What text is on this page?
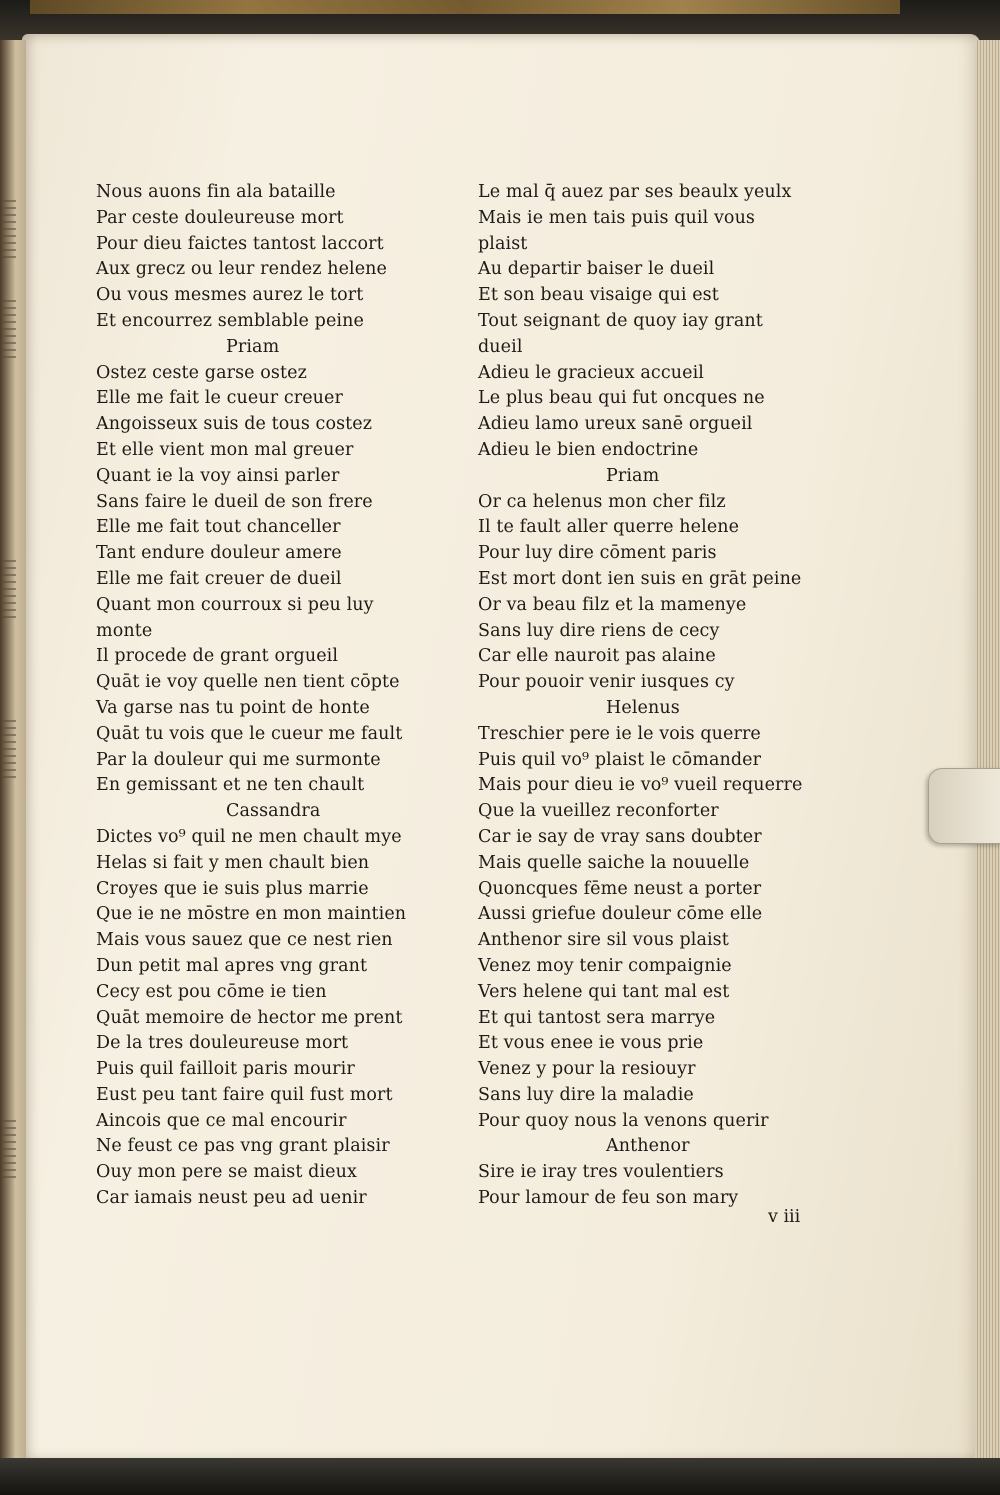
Nous auons fin ala bataille
Par ceste douleureuse mort
Pour dieu faictes tantost laccort
Aux grecz ou leur rendez helene
Ou vous mesmes aurez le tort
Et encourrez semblable peine
Priam
Ostez ceste garse ostez
Elle me fait le cueur creuer
Angoisseux suis de tous costez
Et elle vient mon mal greuer
Quant ie la voy ainsi parler
Sans faire le dueil de son frere
Elle me fait tout chanceller
Tant endure douleur amere
Elle me fait creuer de dueil
Quant mon courroux si peu luy
monte
Il procede de grant orgueil
Quāt ie voy quelle nen tient cōpte
Va garse nas tu point de honte
Quāt tu vois que le cueur me fault
Par la douleur qui me surmonte
En gemissant et ne ten chault
Cassandra
Dictes vo⁹ quil ne men chault mye
Helas si fait y men chault bien
Croyes que ie suis plus marrie
Que ie ne mōstre en mon maintien
Mais vous sauez que ce nest rien
Dun petit mal apres vng grant
Cecy est pou cōme ie tien
Quāt memoire de hector me prent
De la tres douleureuse mort
Puis quil failloit paris mourir
Eust peu tant faire quil fust mort
Aincois que ce mal encourir
Ne feust ce pas vng grant plaisir
Ouy mon pere se maist dieux
Car iamais neust peu ad uenir
Le mal q̄ auez par ses beaulx yeulx
Mais ie men tais puis quil vous
plaist
Au departir baiser le dueil
Et son beau visaige qui est
Tout seignant de quoy iay grant
dueil
Adieu le gracieux accueil
Le plus beau qui fut oncques ne
Adieu lamo ureux sanē orgueil
Adieu le bien endoctrine
Priam
Or ca helenus mon cher filz
Il te fault aller querre helene
Pour luy dire cōment paris
Est mort dont ien suis en grāt peine
Or va beau filz et la mamenye
Sans luy dire riens de cecy
Car elle nauroit pas alaine
Pour pouoir venir iusques cy
Helenus
Treschier pere ie le vois querre
Puis quil vo⁹ plaist le cōmander
Mais pour dieu ie vo⁹ vueil requerre
Que la vueillez reconforter
Car ie say de vray sans doubter
Mais quelle saiche la nouuelle
Quoncques fēme neust a porter
Aussi griefue douleur cōme elle
Anthenor sire sil vous plaist
Venez moy tenir compaignie
Vers helene qui tant mal est
Et qui tantost sera marrye
Et vous enee ie vous prie
Venez y pour la resiouyr
Sans luy dire la maladie
Pour quoy nous la venons querir
Anthenor
Sire ie iray tres voulentiers
Pour lamour de feu son mary
v iii
